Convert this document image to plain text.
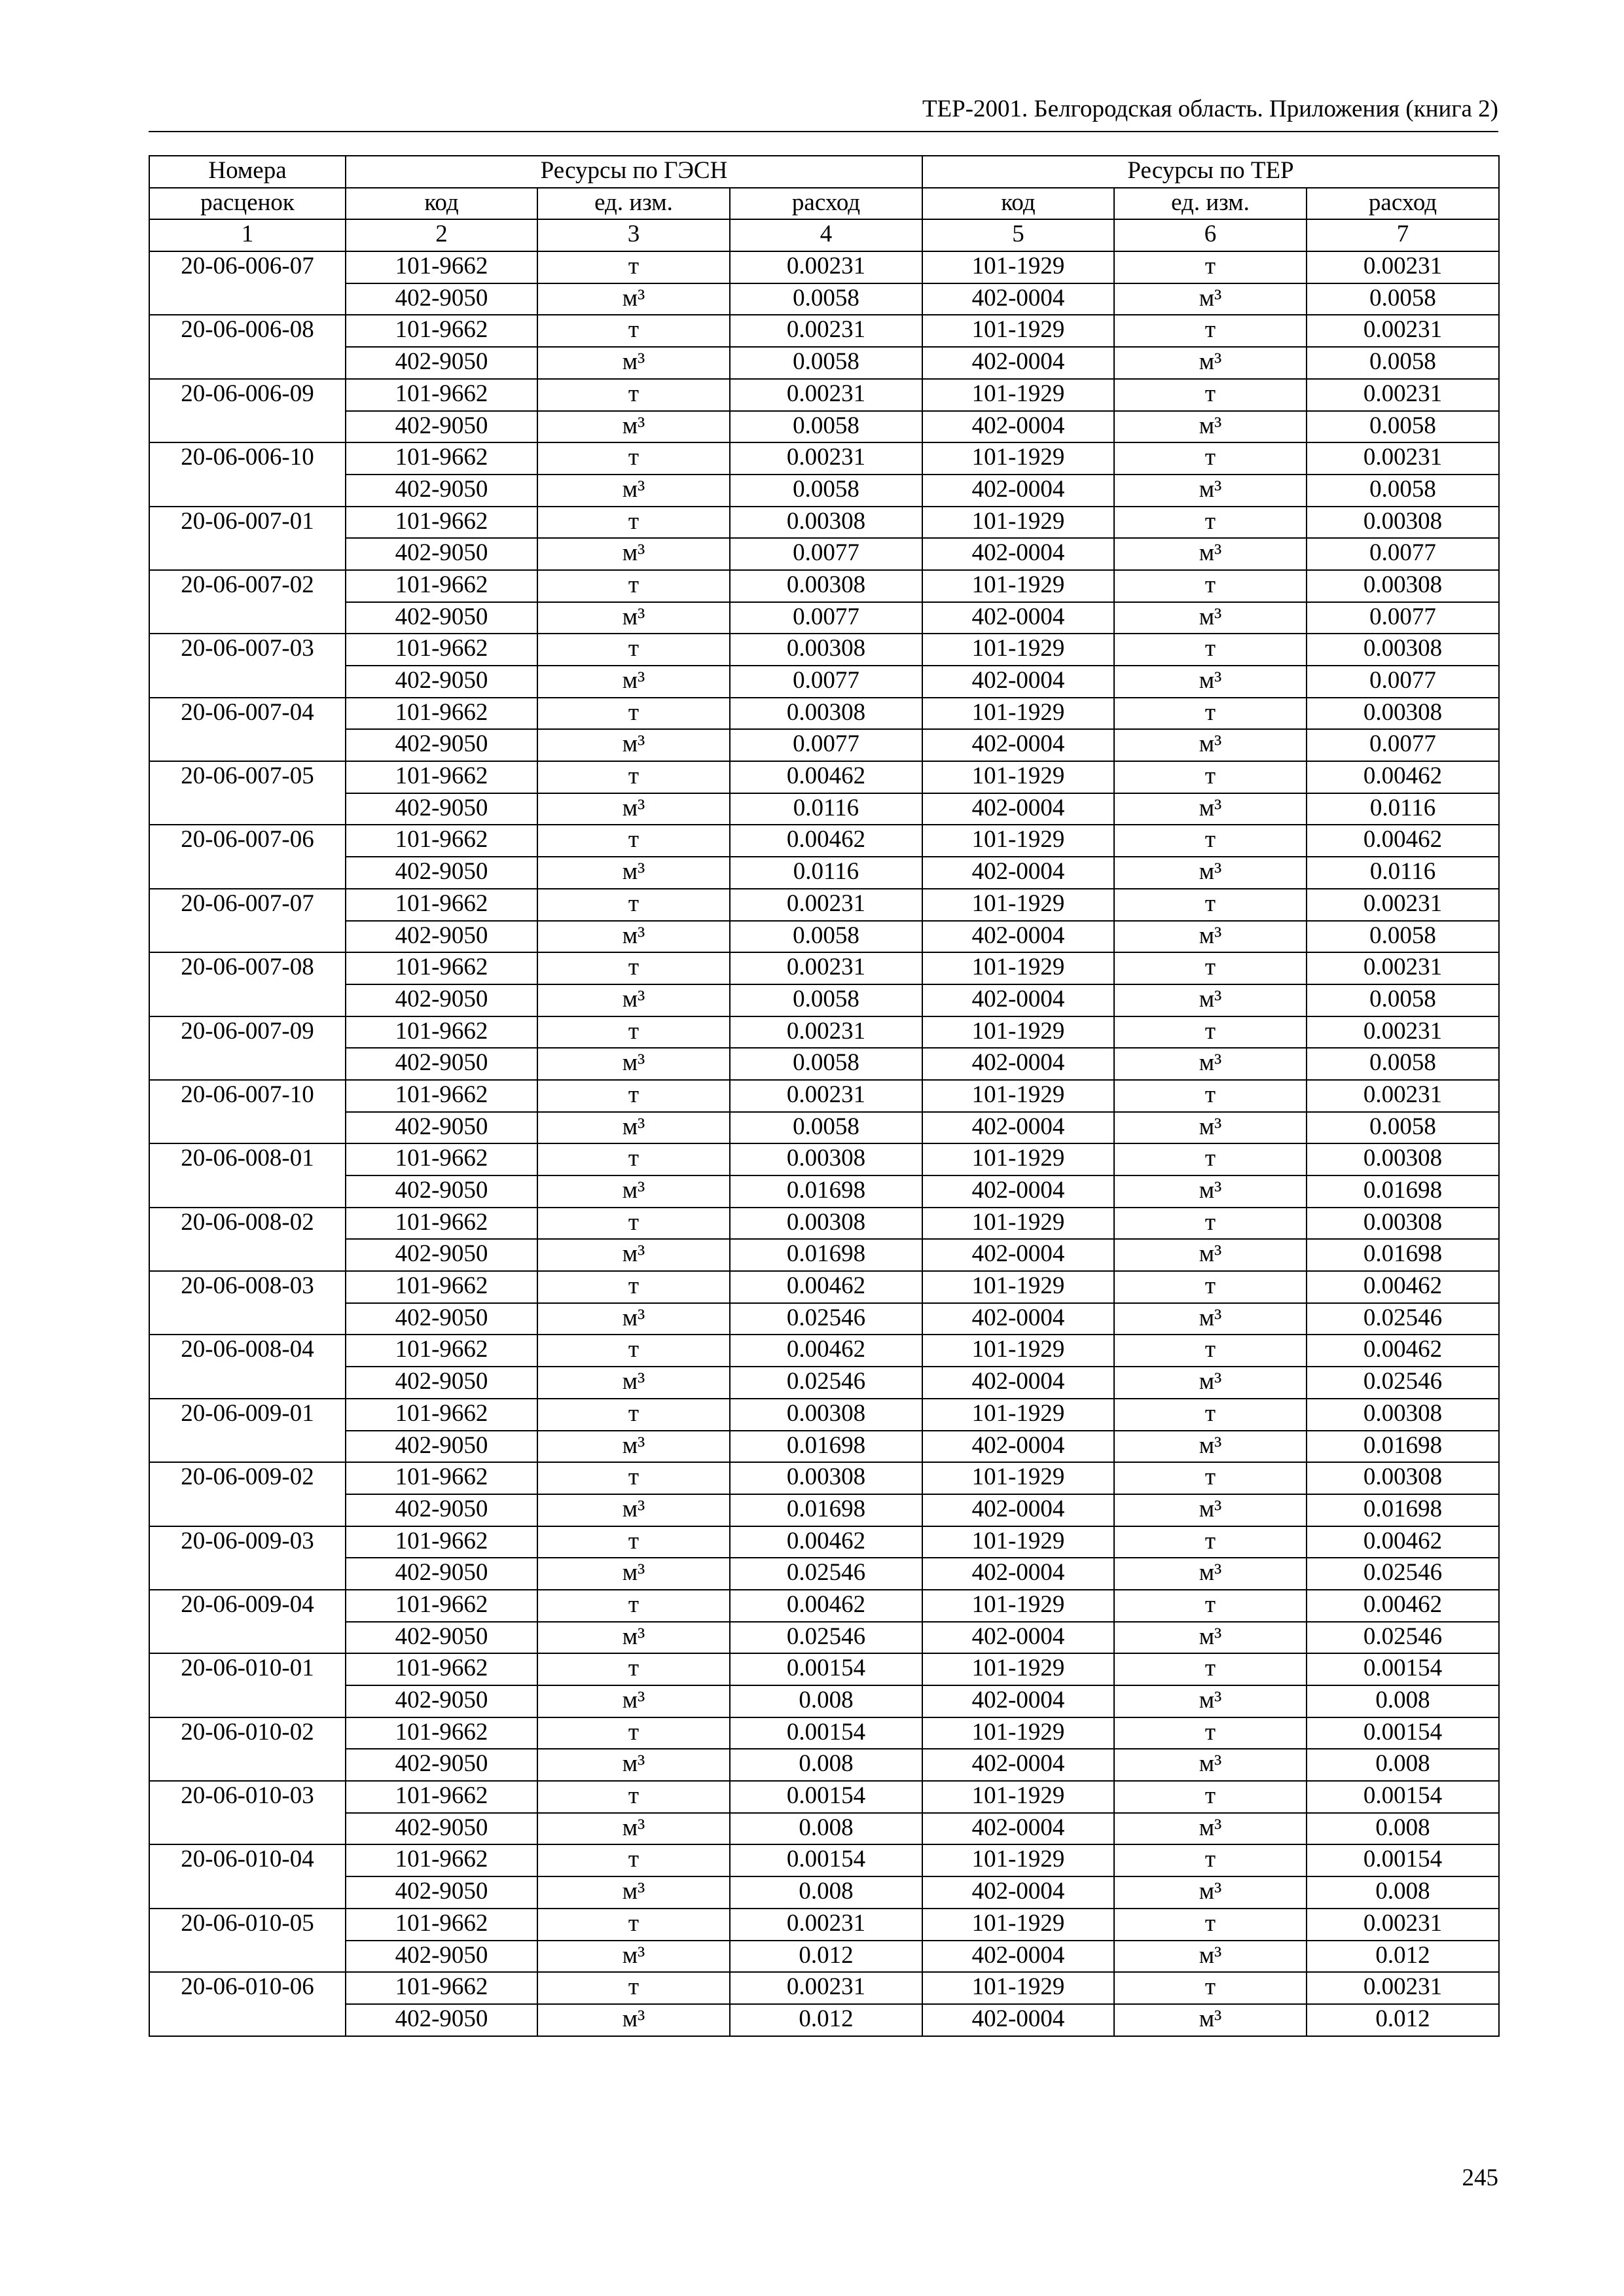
ТЕР-2001. Белгородская область. Приложения (книга 2)
Номера	Ресурсы по ГЭСН			Ресурсы по ТЕР		
расценок	код	ед. изм.	расход	код	ед. изм.	расход
1	2	3	4	5	6	7
20-06-006-07	101-9662	т	0.00231	101-1929	т	0.00231
	402-9050	м³	0.0058	402-0004	м³	0.0058
20-06-006-08	101-9662	т	0.00231	101-1929	т	0.00231
	402-9050	м³	0.0058	402-0004	м³	0.0058
20-06-006-09	101-9662	т	0.00231	101-1929	т	0.00231
	402-9050	м³	0.0058	402-0004	м³	0.0058
20-06-006-10	101-9662	т	0.00231	101-1929	т	0.00231
	402-9050	м³	0.0058	402-0004	м³	0.0058
20-06-007-01	101-9662	т	0.00308	101-1929	т	0.00308
	402-9050	м³	0.0077	402-0004	м³	0.0077
20-06-007-02	101-9662	т	0.00308	101-1929	т	0.00308
	402-9050	м³	0.0077	402-0004	м³	0.0077
20-06-007-03	101-9662	т	0.00308	101-1929	т	0.00308
	402-9050	м³	0.0077	402-0004	м³	0.0077
20-06-007-04	101-9662	т	0.00308	101-1929	т	0.00308
	402-9050	м³	0.0077	402-0004	м³	0.0077
20-06-007-05	101-9662	т	0.00462	101-1929	т	0.00462
	402-9050	м³	0.0116	402-0004	м³	0.0116
20-06-007-06	101-9662	т	0.00462	101-1929	т	0.00462
	402-9050	м³	0.0116	402-0004	м³	0.0116
20-06-007-07	101-9662	т	0.00231	101-1929	т	0.00231
	402-9050	м³	0.0058	402-0004	м³	0.0058
20-06-007-08	101-9662	т	0.00231	101-1929	т	0.00231
	402-9050	м³	0.0058	402-0004	м³	0.0058
20-06-007-09	101-9662	т	0.00231	101-1929	т	0.00231
	402-9050	м³	0.0058	402-0004	м³	0.0058
20-06-007-10	101-9662	т	0.00231	101-1929	т	0.00231
	402-9050	м³	0.0058	402-0004	м³	0.0058
20-06-008-01	101-9662	т	0.00308	101-1929	т	0.00308
	402-9050	м³	0.01698	402-0004	м³	0.01698
20-06-008-02	101-9662	т	0.00308	101-1929	т	0.00308
	402-9050	м³	0.01698	402-0004	м³	0.01698
20-06-008-03	101-9662	т	0.00462	101-1929	т	0.00462
	402-9050	м³	0.02546	402-0004	м³	0.02546
20-06-008-04	101-9662	т	0.00462	101-1929	т	0.00462
	402-9050	м³	0.02546	402-0004	м³	0.02546
20-06-009-01	101-9662	т	0.00308	101-1929	т	0.00308
	402-9050	м³	0.01698	402-0004	м³	0.01698
20-06-009-02	101-9662	т	0.00308	101-1929	т	0.00308
	402-9050	м³	0.01698	402-0004	м³	0.01698
20-06-009-03	101-9662	т	0.00462	101-1929	т	0.00462
	402-9050	м³	0.02546	402-0004	м³	0.02546
20-06-009-04	101-9662	т	0.00462	101-1929	т	0.00462
	402-9050	м³	0.02546	402-0004	м³	0.02546
20-06-010-01	101-9662	т	0.00154	101-1929	т	0.00154
	402-9050	м³	0.008	402-0004	м³	0.008
20-06-010-02	101-9662	т	0.00154	101-1929	т	0.00154
	402-9050	м³	0.008	402-0004	м³	0.008
20-06-010-03	101-9662	т	0.00154	101-1929	т	0.00154
	402-9050	м³	0.008	402-0004	м³	0.008
20-06-010-04	101-9662	т	0.00154	101-1929	т	0.00154
	402-9050	м³	0.008	402-0004	м³	0.008
20-06-010-05	101-9662	т	0.00231	101-1929	т	0.00231
	402-9050	м³	0.012	402-0004	м³	0.012
20-06-010-06	101-9662	т	0.00231	101-1929	т	0.00231
	402-9050	м³	0.012	402-0004	м³	0.012
245
